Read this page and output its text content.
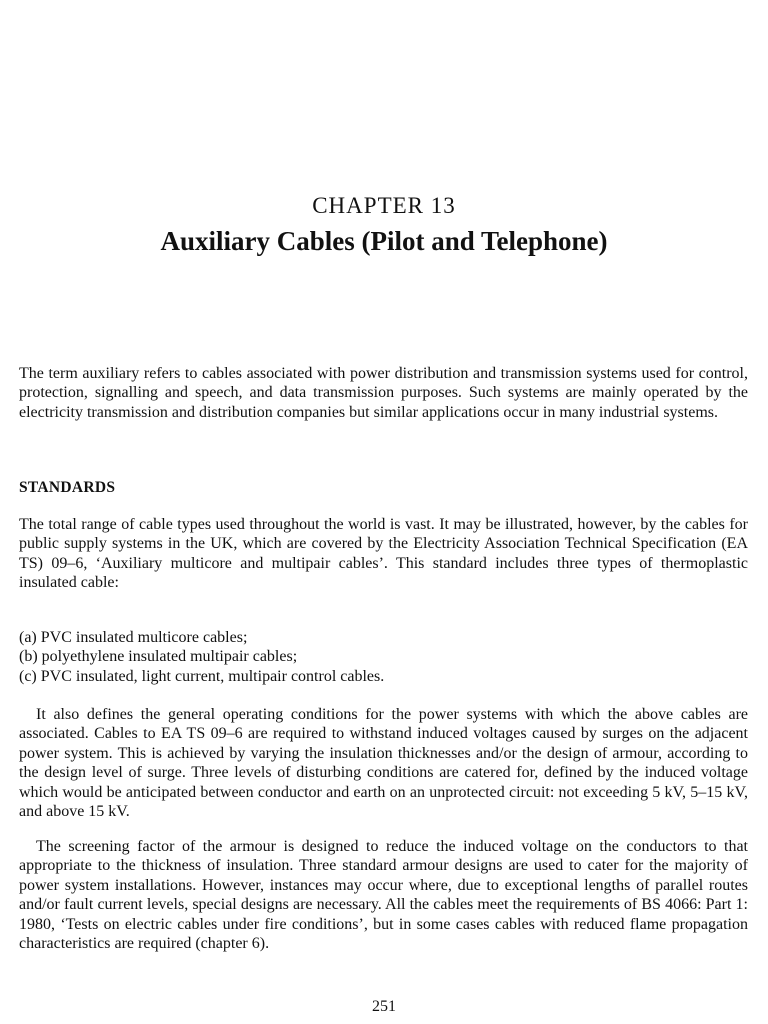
CHAPTER 13
Auxiliary Cables (Pilot and Telephone)

The term auxiliary refers to cables associated with power distribution and transmission systems used for control, protection, signalling and speech, and data transmission purposes. Such systems are mainly operated by the electricity transmission and distribution companies but similar applications occur in many industrial systems.

STANDARDS

The total range of cable types used throughout the world is vast. It may be illustrated, however, by the cables for public supply systems in the UK, which are covered by the Electricity Association Technical Specification (EA TS) 09–6, ‘Auxiliary multicore and multipair cables’. This standard includes three types of thermoplastic insulated cable:

(a) PVC insulated multicore cables;
(b) polyethylene insulated multipair cables;
(c) PVC insulated, light current, multipair control cables.

It also defines the general operating conditions for the power systems with which the above cables are associated. Cables to EA TS 09–6 are required to withstand induced voltages caused by surges on the adjacent power system. This is achieved by varying the insulation thicknesses and/or the design of armour, according to the design level of surge. Three levels of disturbing conditions are catered for, defined by the induced voltage which would be anticipated between conductor and earth on an unprotected circuit: not exceeding 5 kV, 5–15 kV, and above 15 kV.

The screening factor of the armour is designed to reduce the induced voltage on the conductors to that appropriate to the thickness of insulation. Three standard armour designs are used to cater for the majority of power system installations. However, instances may occur where, due to exceptional lengths of parallel routes and/or fault current levels, special designs are necessary. All the cables meet the requirements of BS 4066: Part 1: 1980, ‘Tests on electric cables under fire conditions’, but in some cases cables with reduced flame propagation characteristics are required (chapter 6).

251
